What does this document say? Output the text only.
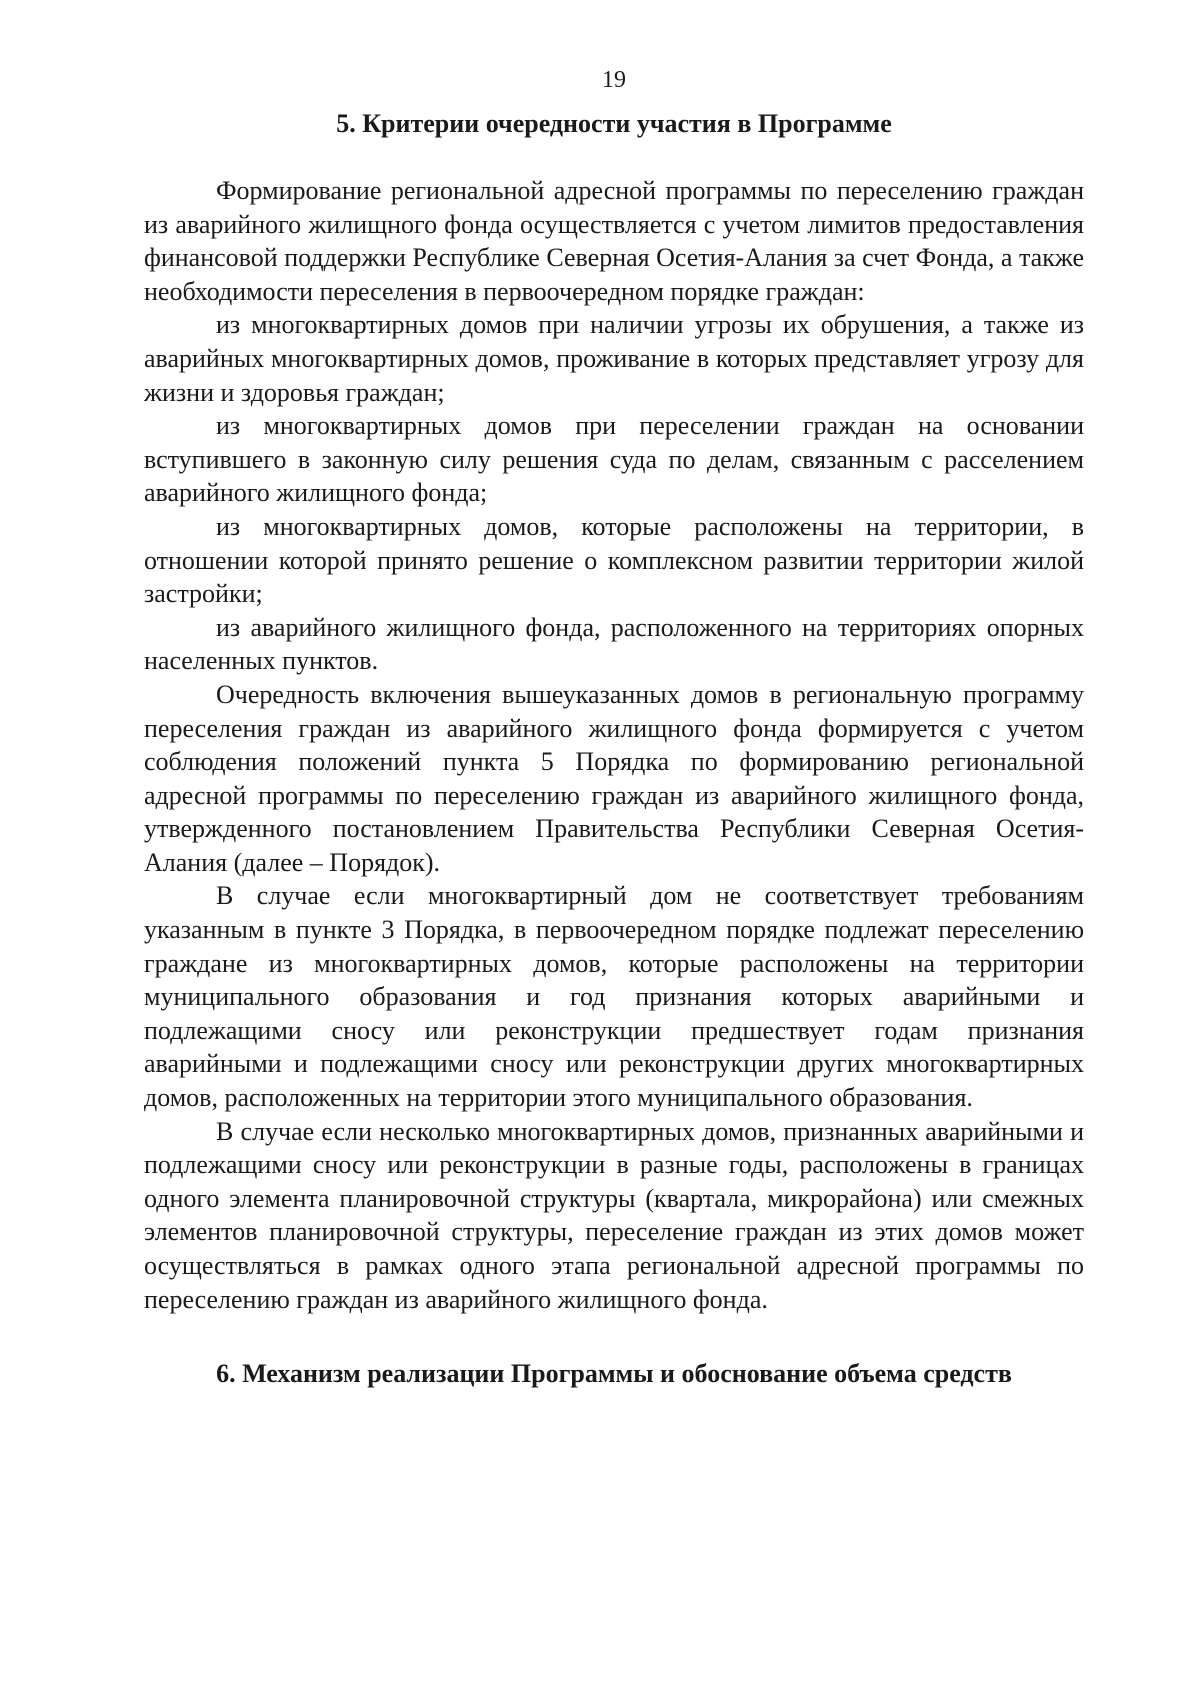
19
5. Критерии очередности участия в Программе

Формирование региональной адресной программы по переселению граждан из аварийного жилищного фонда осуществляется с учетом лимитов предоставления финансовой поддержки Республике Северная Осетия-Алания за счет Фонда, а также необходимости переселения в первоочередном порядке граждан:

из многоквартирных домов при наличии угрозы их обрушения, а также из аварийных многоквартирных домов, проживание в которых представляет угрозу для жизни и здоровья граждан;

из многоквартирных домов при переселении граждан на основании вступившего в законную силу решения суда по делам, связанным с расселением аварийного жилищного фонда;

из многоквартирных домов, которые расположены на территории, в отношении которой принято решение о комплексном развитии территории жилой застройки;

из аварийного жилищного фонда, расположенного на территориях опорных населенных пунктов.

Очередность включения вышеуказанных домов в региональную программу переселения граждан из аварийного жилищного фонда формируется с учетом соблюдения положений пункта 5 Порядка по формированию региональной адресной программы по переселению граждан из аварийного жилищного фонда, утвержденного постановлением Правительства Республики Северная Осетия-Алания (далее – Порядок).

В случае если многоквартирный дом не соответствует требованиям указанным в пункте 3 Порядка, в первоочередном порядке подлежат переселению граждане из многоквартирных домов, которые расположены на территории муниципального образования и год признания которых аварийными и подлежащими сносу или реконструкции предшествует годам признания аварийными и подлежащими сносу или реконструкции других многоквартирных домов, расположенных на территории этого муниципального образования.

В случае если несколько многоквартирных домов, признанных аварийными и подлежащими сносу или реконструкции в разные годы, расположены в границах одного элемента планировочной структуры (квартала, микрорайона) или смежных элементов планировочной структуры, переселение граждан из этих домов может осуществляться в рамках одного этапа региональной адресной программы по переселению граждан из аварийного жилищного фонда.

6. Механизм реализации Программы и обоснование объема средств
